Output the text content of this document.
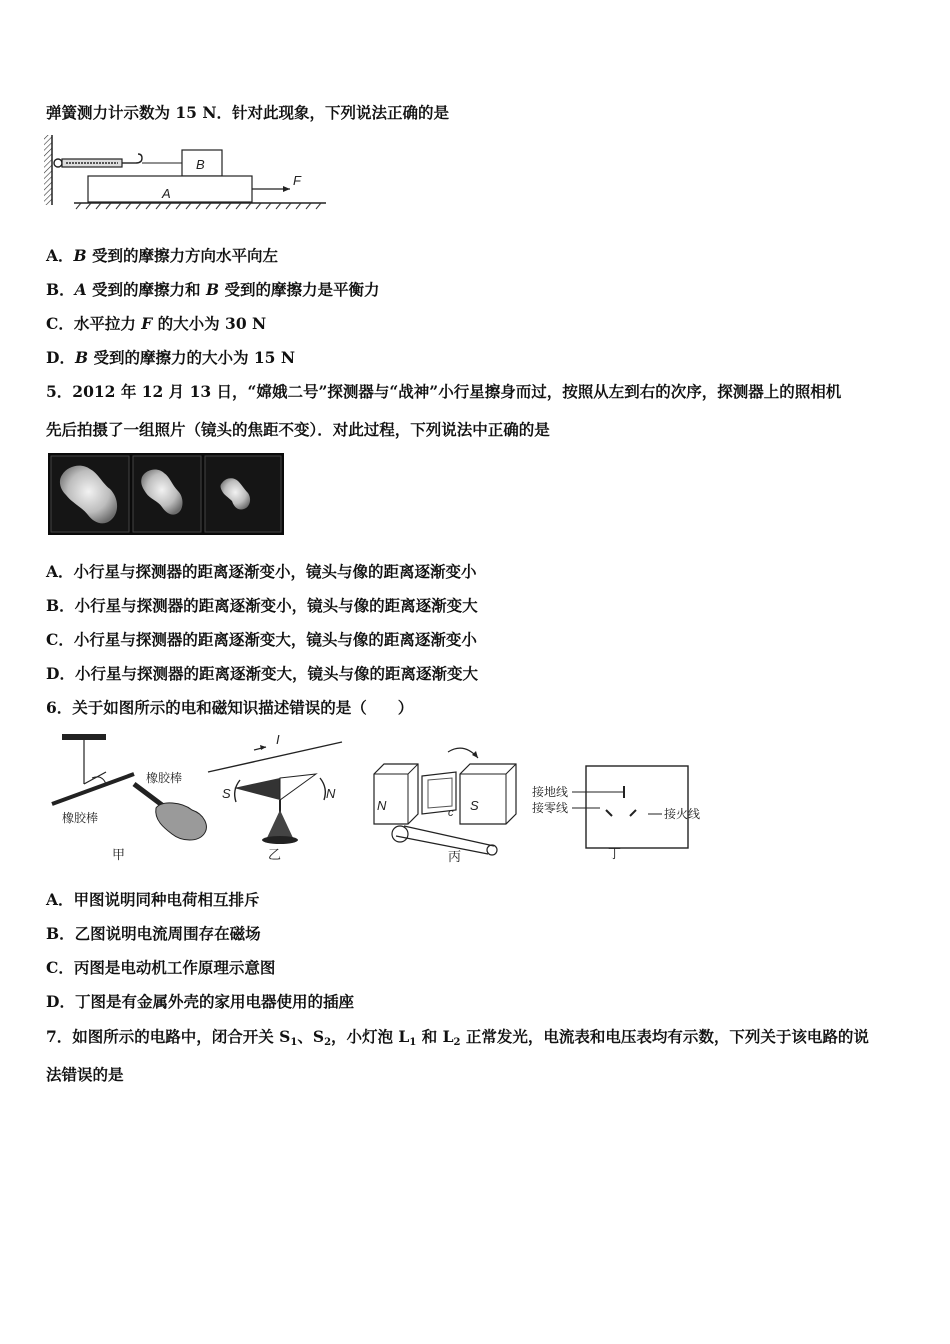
弹簧测力计示数为 15 N．针对此现象，下列说法正确的是
B
A
F
A．B 受到的摩擦力方向水平向左
B．A 受到的摩擦力和 B 受到的摩擦力是平衡力
C．水平拉力 F 的大小为 30 N
D．B 受到的摩擦力的大小为 15 N
5．2012 年 12 月 13 日，“嫦娥二号”探测器与“战神”小行星擦身而过，按照从左到右的次序，探测器上的照相机
先后拍摄了一组照片（镜头的焦距不变）．对此过程，下列说法中正确的是
A．小行星与探测器的距离逐渐变小，镜头与像的距离逐渐变小
B．小行星与探测器的距离逐渐变小，镜头与像的距离逐渐变大
C．小行星与探测器的距离逐渐变大，镜头与像的距离逐渐变小
D．小行星与探测器的距离逐渐变大，镜头与像的距离逐渐变大
6．关于如图所示的电和磁知识描述错误的是（　　）
橡胶棒
橡胶棒
甲
I
S	N
乙
N	S
c
丙
接地线
接零线	接火线
丁
A．甲图说明同种电荷相互排斥
B．乙图说明电流周围存在磁场
C．丙图是电动机工作原理示意图
D．丁图是有金属外壳的家用电器使用的插座
7．如图所示的电路中，闭合开关 $S_1$、$S_2$，小灯泡 $L_1$ 和 $L_2$ 正常发光，电流表和电压表均有示数，下列关于该电路的说
法错误的是
